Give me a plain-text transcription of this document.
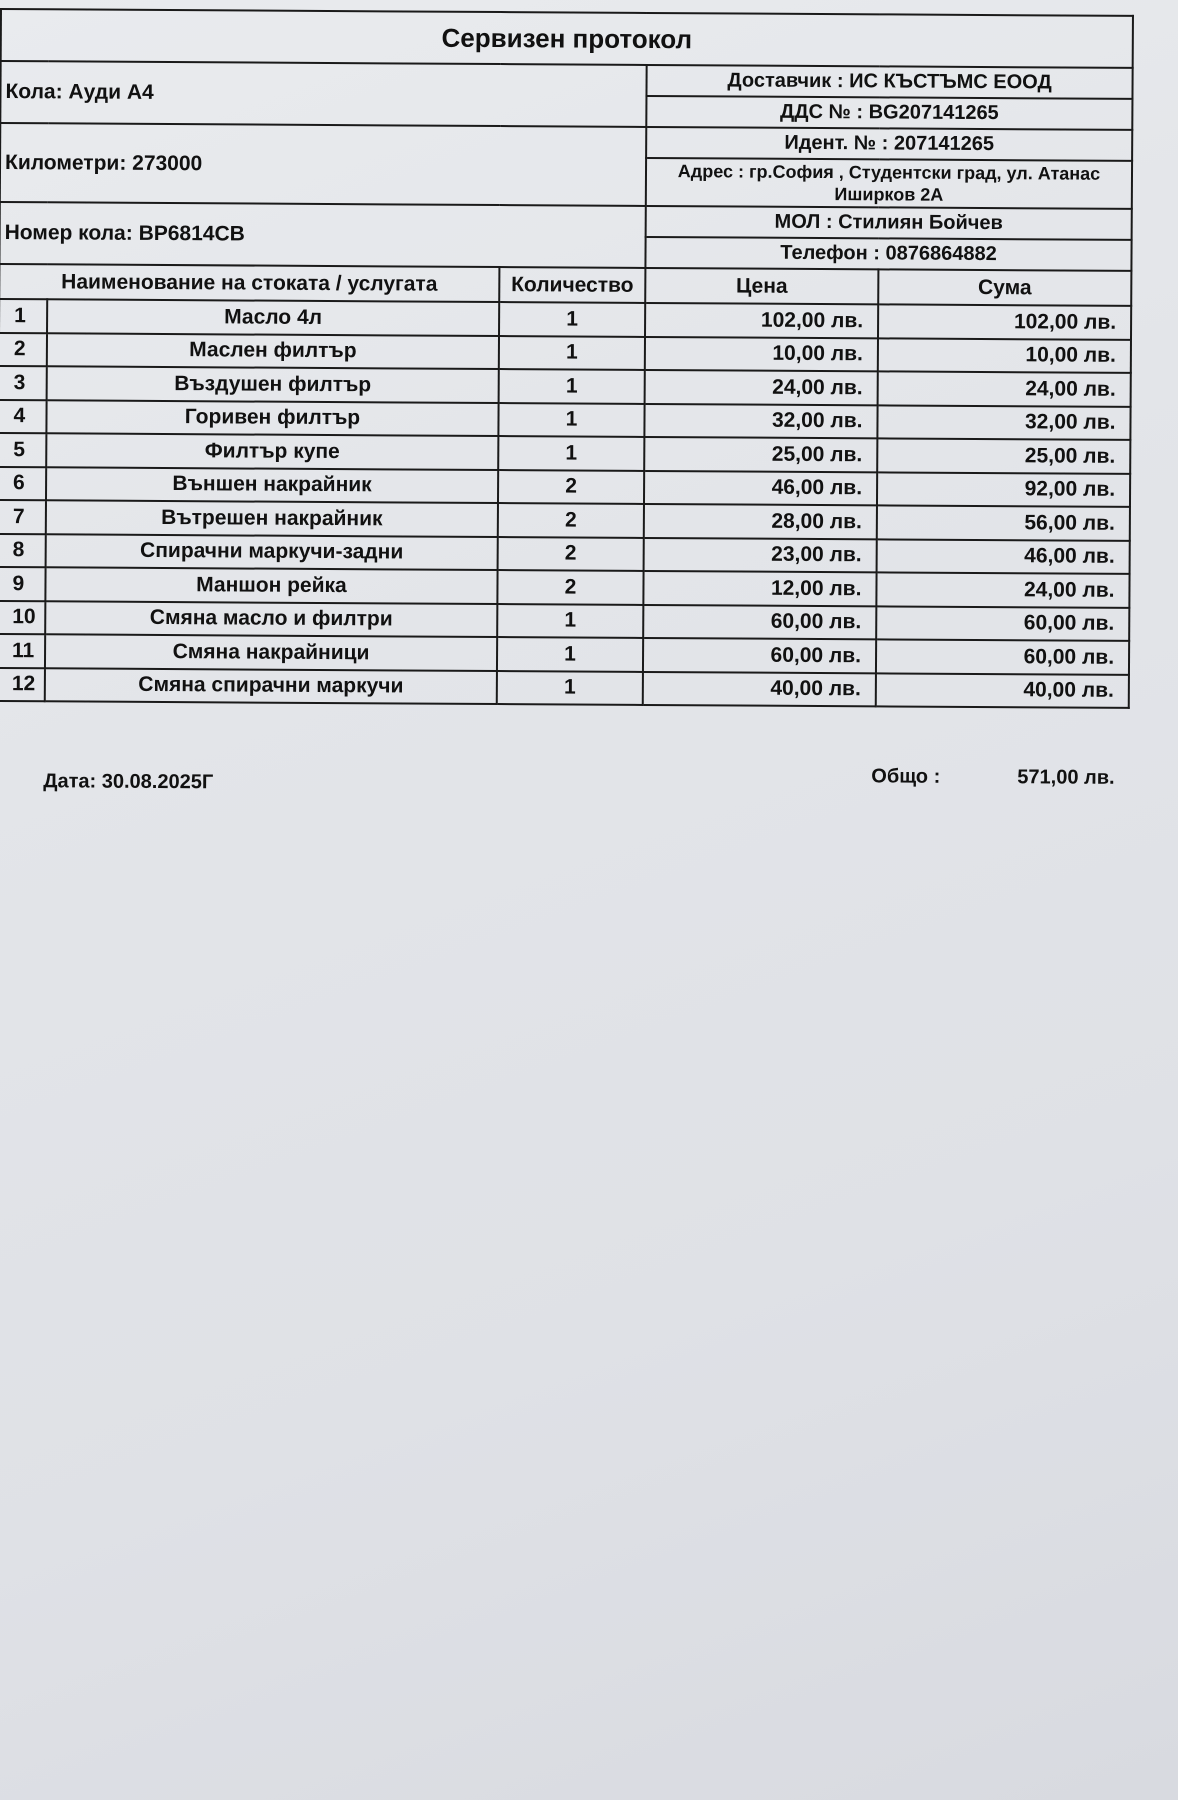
Сервизен протокол				
Кола: Ауди А4			Доставчик : ИС КЪСТЪМС ЕООД	
			ДДС № : BG207141265	
Километри: 273000			Идент. № : 207141265	
			Адрес : гр.София , Студентски град, ул. Атанас Иширков 2А	
Номер кола: ВР6814СВ			МОЛ : Стилиян Бойчев	
			Телефон : 0876864882	
Наименование на стоката / услугата		Количество	Цена	Сума
1	Масло 4л	1	102,00 лв.	102,00 лв.
2	Маслен филтър	1	10,00 лв.	10,00 лв.
3	Въздушен филтър	1	24,00 лв.	24,00 лв.
4	Горивен филтър	1	32,00 лв.	32,00 лв.
5	Филтър купе	1	25,00 лв.	25,00 лв.
6	Външен накрайник	2	46,00 лв.	92,00 лв.
7	Вътрешен накрайник	2	28,00 лв.	56,00 лв.
8	Спирачни маркучи-задни	2	23,00 лв.	46,00 лв.
9	Маншон рейка	2	12,00 лв.	24,00 лв.
10	Смяна масло и филтри	1	60,00 лв.	60,00 лв.
11	Смяна накрайници	1	60,00 лв.	60,00 лв.
12	Смяна спирачни маркучи	1	40,00 лв.	40,00 лв.
Дата: 30.08.2025Г	Общо :	571,00 лв.
